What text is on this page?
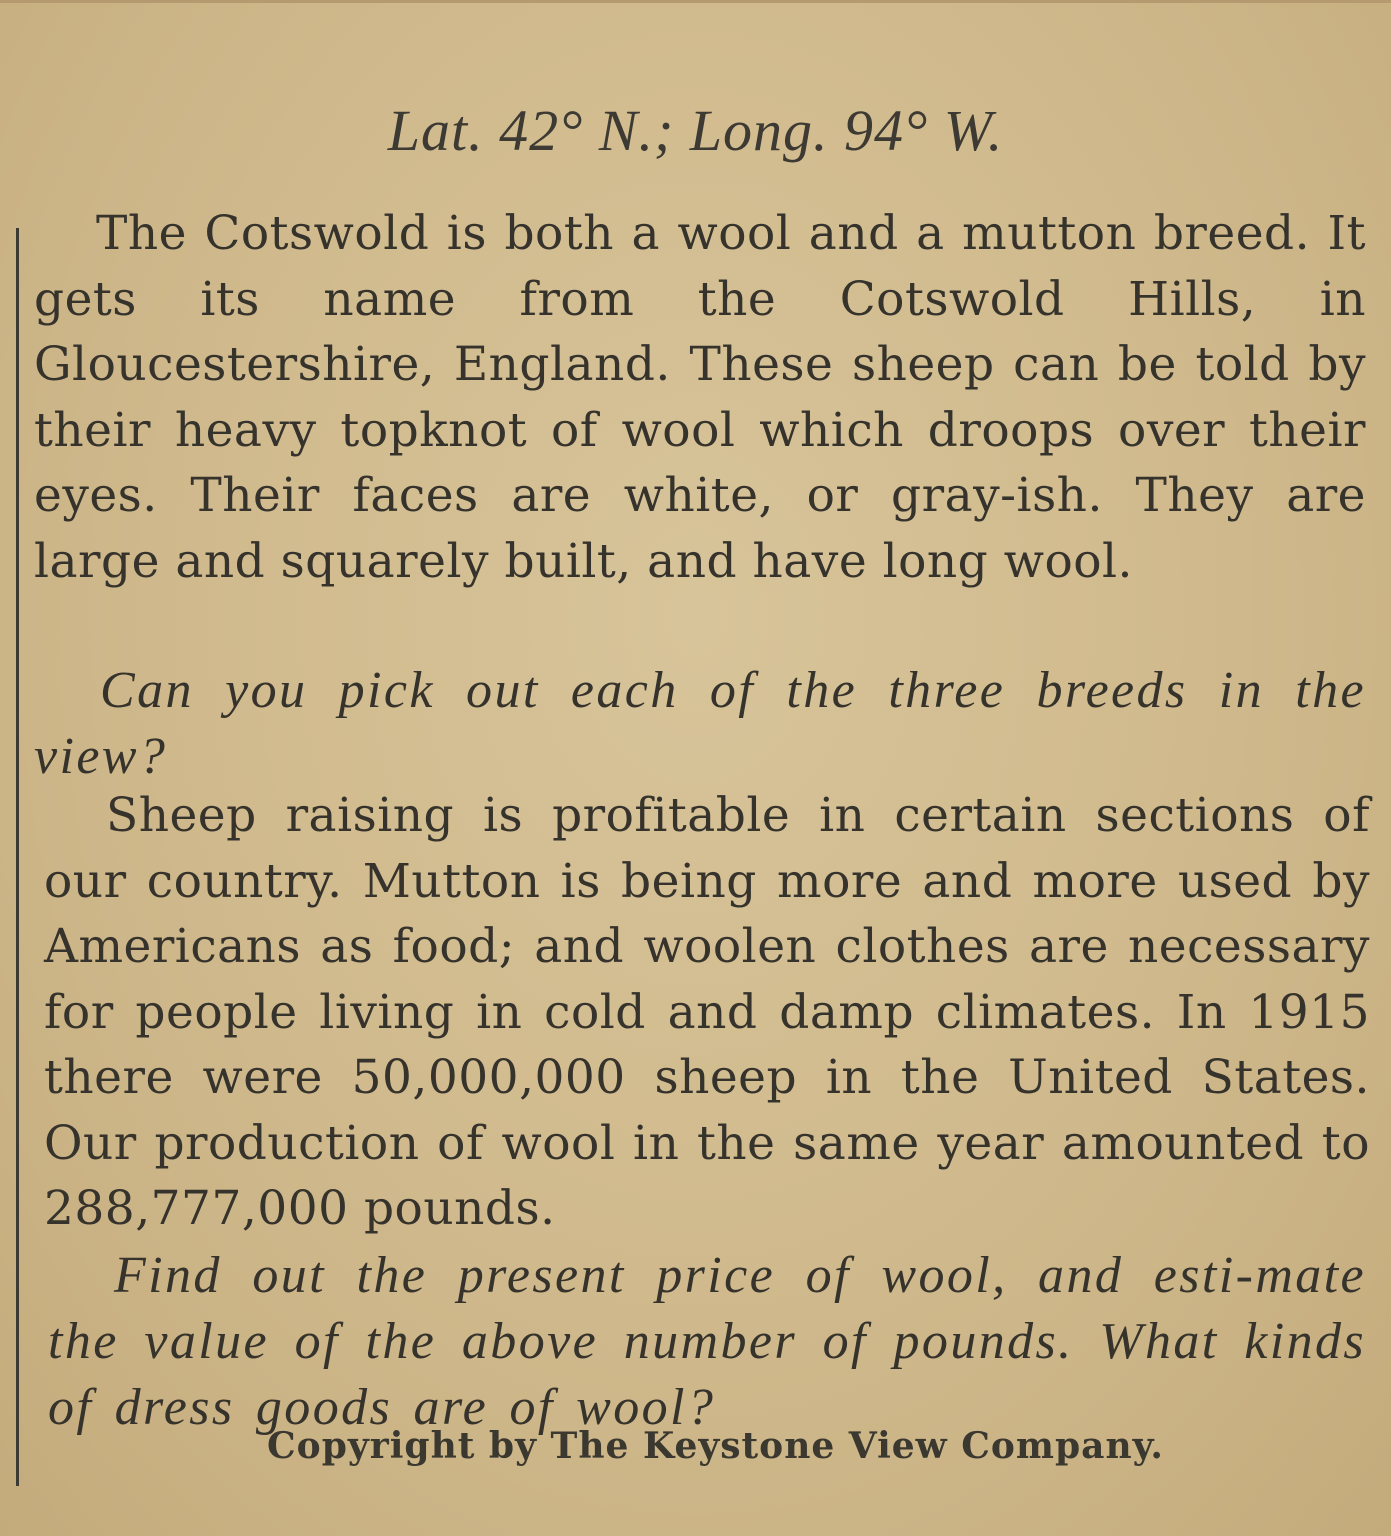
Lat. 42° N.; Long. 94° W.

The Cotswold is both a wool and a mutton breed. It gets its name from the Cotswold Hills, in Gloucestershire, England. These sheep can be told by their heavy topknot of wool which droops over their eyes. Their faces are white, or gray-ish. They are large and squarely built, and have long wool.

Can you pick out each of the three breeds in the view?

Sheep raising is profitable in certain sections of our country. Mutton is being more and more used by Americans as food; and woolen clothes are necessary for people living in cold and damp climates. In 1915 there were 50,000,000 sheep in the United States. Our production of wool in the same year amounted to 288,777,000 pounds.

Find out the present price of wool, and esti-mate the value of the above number of pounds. What kinds of dress goods are of wool?

Copyright by The Keystone View Company.
